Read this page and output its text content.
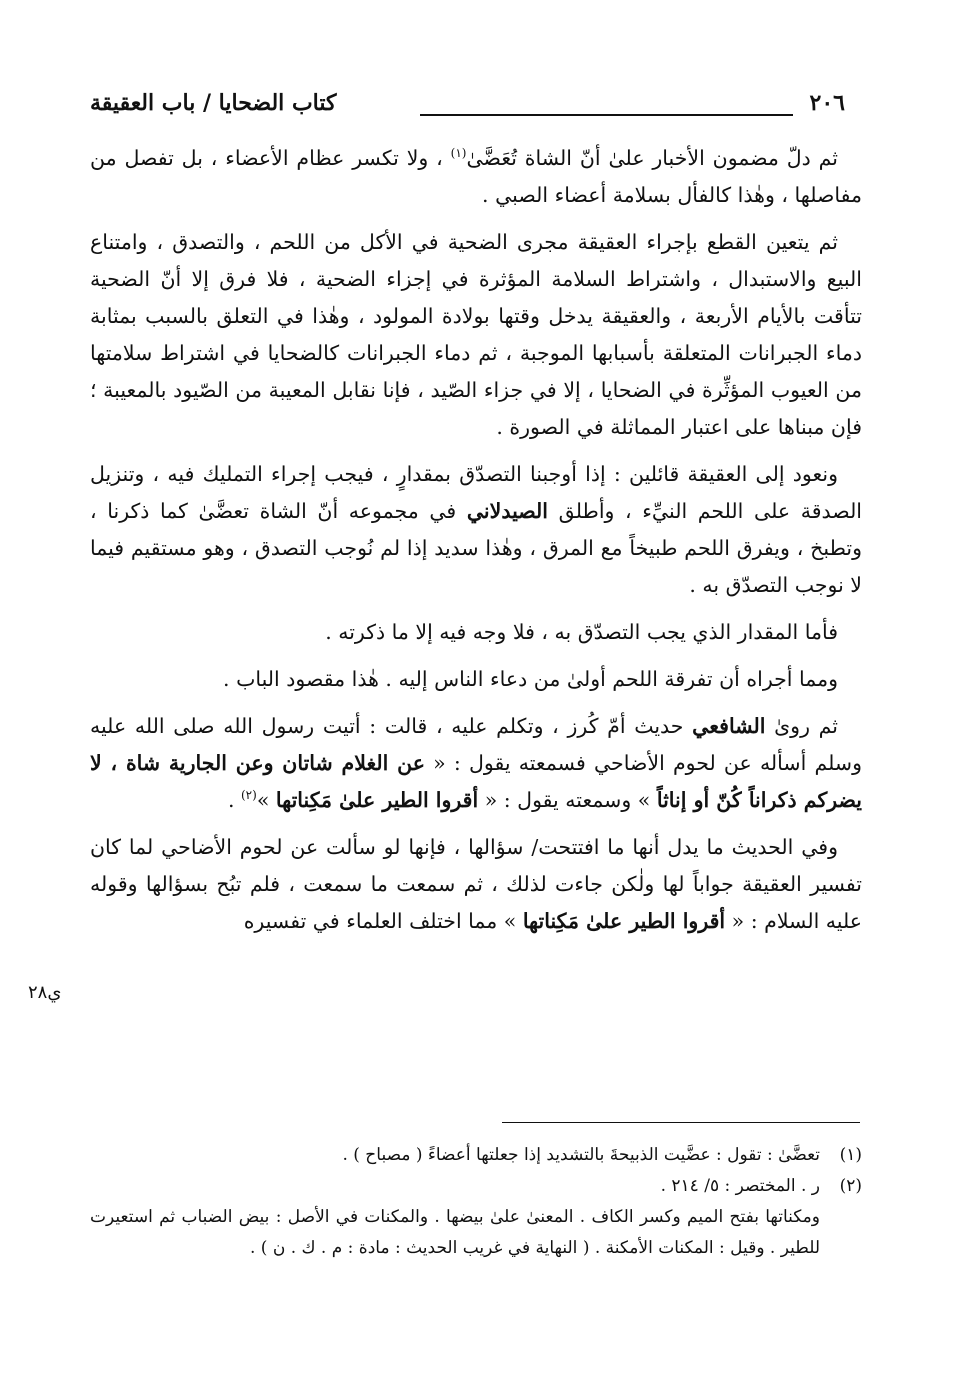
٢٠٦
كتاب الضحايا / باب العقيقة

ثم دلّ مضمون الأخبار علىٰ أنّ الشاة تُعَضَّىٰ$^{(١)}$ ، ولا تكسر عظام الأعضاء ، بل تفصل من مفاصلها ، وهٰذا كالفأل بسلامة أعضاء الصبي .

ثم يتعين القطع بإجراء العقيقة مجرى الضحية في الأكل من اللحم ، والتصدق ، وامتناع البيع والاستبدال ، واشتراط السلامة المؤثرة في إجزاء الضحية ، فلا فرق إلا أنّ الضحية تتأقت بالأيام الأربعة ، والعقيقة يدخل وقتها بولادة المولود ، وهٰذا في التعلق بالسبب بمثابة دماء الجبرانات المتعلقة بأسبابها الموجبة ، ثم دماء الجبرانات كالضحايا في اشتراط سلامتها من العيوب المؤثِّرة في الضحايا ، إلا في جزاء الصّيد ، فإنا نقابل المعيبة من الصّيود بالمعيبة ؛ فإن مبناها على اعتبار المماثلة في الصورة .

ونعود إلى العقيقة قائلين : إذا أوجبنا التصدّق بمقدارٍ ، فيجب إجراء التمليك فيه ، وتنزيل الصدقة على اللحم النيِّء ، وأطلق الصيدلاني في مجموعه أنّ الشاة تعضَّىٰ كما ذكرنا ، وتطبخ ، ويفرق اللحم طبيخاً مع المرق ، وهٰذا سديد إذا لم نُوجب التصدق ، وهو مستقيم فيما لا نوجب التصدّق به .

فأما المقدار الذي يجب التصدّق به ، فلا وجه فيه إلا ما ذكرته .

ومما أجراه أن تفرقة اللحم أولىٰ من دعاء الناس إليه . هٰذا مقصود الباب .

ثم روىٰ الشافعي حديث أمّ كُرز ، وتكلم عليه ، قالت : أتيت رسول الله صلى الله عليه وسلم أسأله عن لحوم الأضاحي فسمعته يقول : « عن الغلام شاتان وعن الجارية شاة ، لا يضركم ذكراناً كُنّ أو إناثاً » وسمعته يقول : « أقروا الطير علىٰ مَكِناتها »$^{(٢)}$ .

وفي الحديث ما يدل أنها ما افتتحت/ سؤالها ، فإنها لو سألت عن لحوم الأضاحي لما كان تفسير العقيقة جواباً لها ولٰكن جاءت لذلك ، ثم سمعت ما سمعت ، فلم تبُح بسؤالها وقوله عليه السلام : « أقروا الطير علىٰ مَكِناتها » مما اختلف العلماء في تفسيره

ي٢٨

(١)تعضَّىٰ : تقول : عضَّيت الذبيحةَ بالتشديد إذا جعلتها أعضاءً ( مصباح ) .

(٢)ر . المختصر : ٥/ ٢١٤ .

ومكناتها بفتح الميم وكسر الكاف . المعنىٰ علىٰ بيضها . والمكنات في الأصل : بيض الضباب ثم استعيرت للطير . وقيل : المكنات الأمكنة . ( النهاية في غريب الحديث : مادة : م . ك . ن ) .
